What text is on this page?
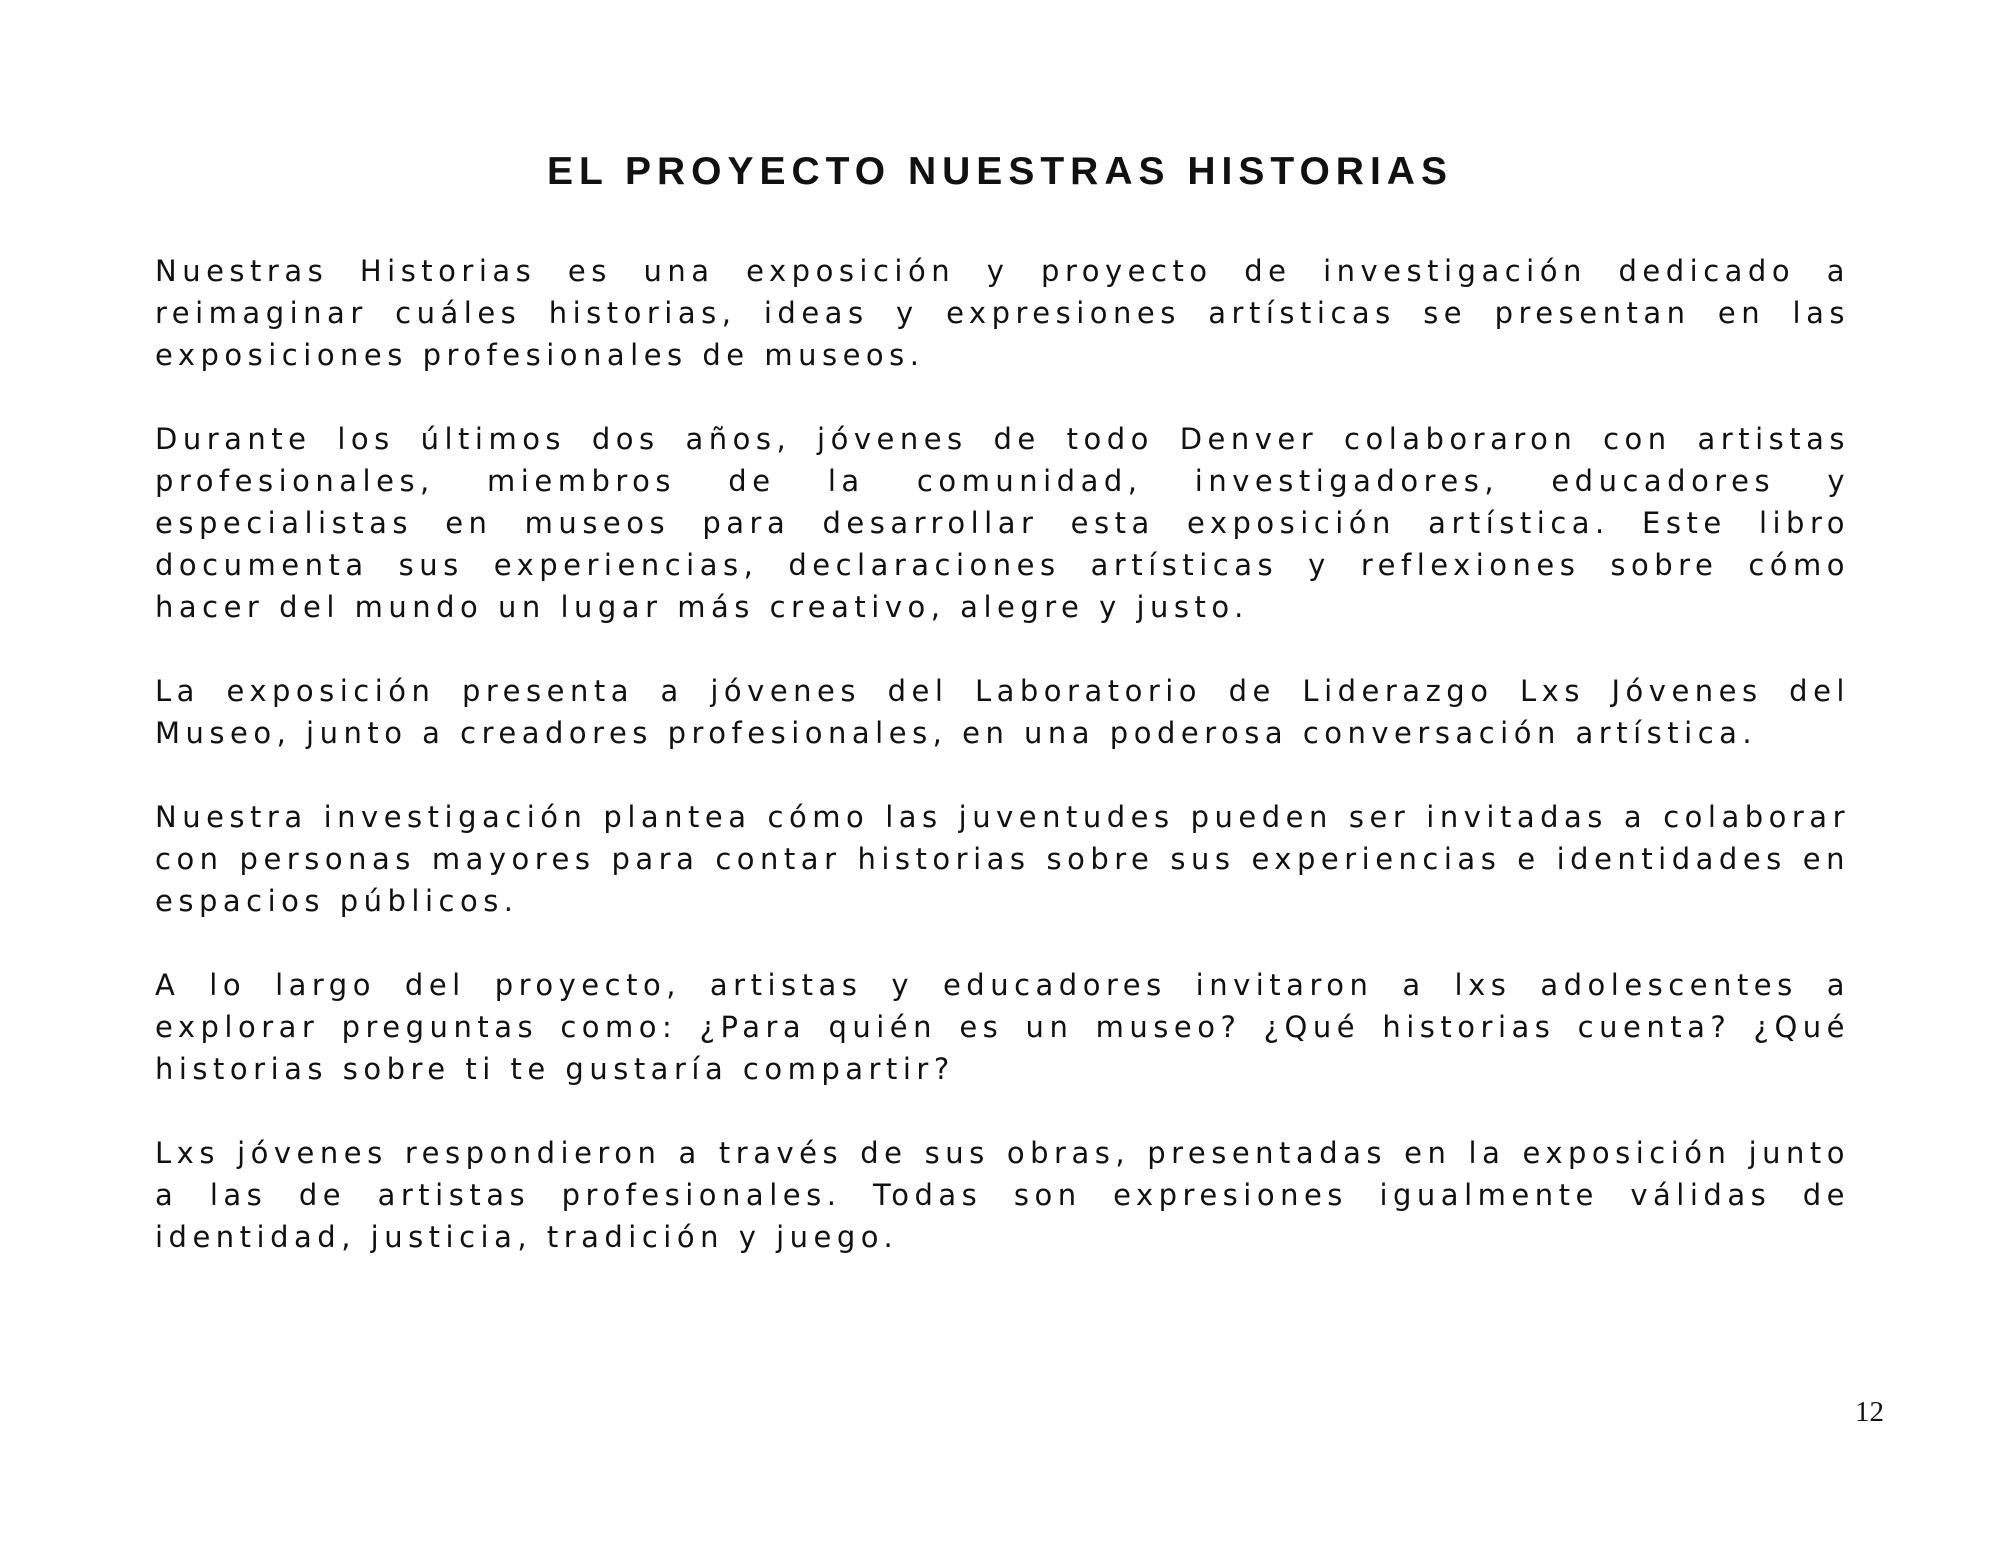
EL PROYECTO NUESTRAS HISTORIAS

Nuestras Historias es una exposición y proyecto de investigación dedicado a reimaginar cuáles historias, ideas y expresiones artísticas se presentan en las exposiciones profesionales de museos.

Durante los últimos dos años, jóvenes de todo Denver colaboraron con artistas profesionales, miembros de la comunidad, investigadores, educadores y especialistas en museos para desarrollar esta exposición artística. Este libro documenta sus experiencias, declaraciones artísticas y reflexiones sobre cómo hacer del mundo un lugar más creativo, alegre y justo.

La exposición presenta a jóvenes del Laboratorio de Liderazgo Lxs Jóvenes del Museo, junto a creadores profesionales, en una poderosa conversación artística.

Nuestra investigación plantea cómo las juventudes pueden ser invitadas a colaborar con personas mayores para contar historias sobre sus experiencias e identidades en espacios públicos.

A lo largo del proyecto, artistas y educadores invitaron a lxs adolescentes a explorar preguntas como: ¿Para quién es un museo? ¿Qué historias cuenta? ¿Qué historias sobre ti te gustaría compartir?

Lxs jóvenes respondieron a través de sus obras, presentadas en la exposición junto a las de artistas profesionales. Todas son expresiones igualmente válidas de identidad, justicia, tradición y juego.

12
